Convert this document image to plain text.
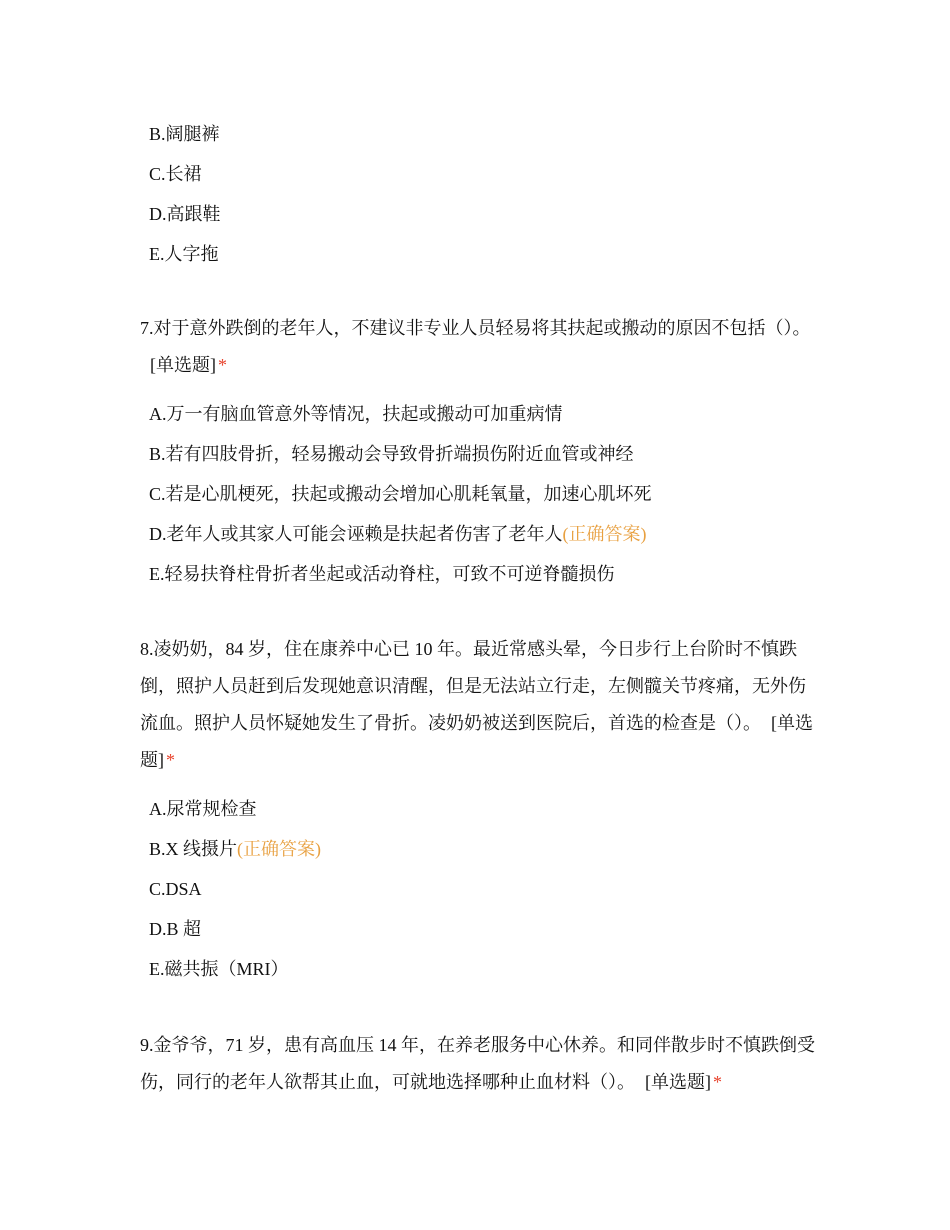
B.阔腿裤
C.长裙
D.高跟鞋
E.人字拖
7.对于意外跌倒的老年人，不建议非专业人员轻易将其扶起或搬动的原因不包括（）。[单选题] *
A.万一有脑血管意外等情况，扶起或搬动可加重病情
B.若有四肢骨折，轻易搬动会导致骨折端损伤附近血管或神经
C.若是心肌梗死，扶起或搬动会增加心肌耗氧量，加速心肌坏死
D.老年人或其家人可能会诬赖是扶起者伤害了老年人(正确答案)
E.轻易扶脊柱骨折者坐起或活动脊柱，可致不可逆脊髓损伤
8.凌奶奶，84 岁，住在康养中心已 10 年。最近常感头晕，今日步行上台阶时不慎跌倒，照护人员赶到后发现她意识清醒，但是无法站立行走，左侧髋关节疼痛，无外伤流血。照护人员怀疑她发生了骨折。凌奶奶被送到医院后，首选的检查是（）。 [单选题] *
A.尿常规检查
B.X 线摄片(正确答案)
C.DSA
D.B 超
E.磁共振（MRI）
9.金爷爷，71 岁，患有高血压 14 年，在养老服务中心休养。和同伴散步时不慎跌倒受伤，同行的老年人欲帮其止血，可就地选择哪种止血材料（）。 [单选题] *
